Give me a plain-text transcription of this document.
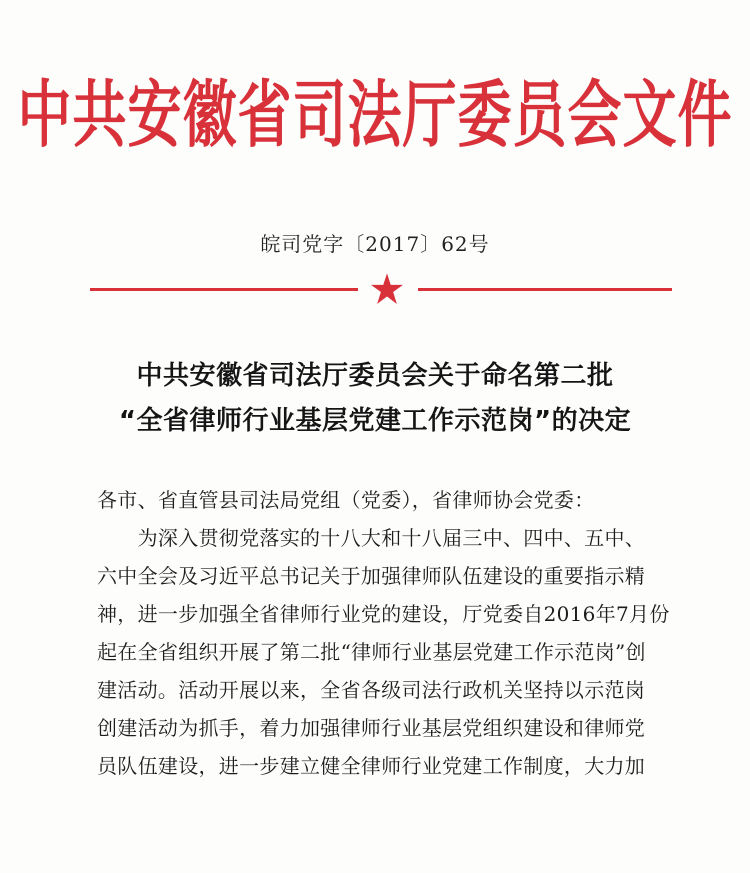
中共安徽省司法厅委员会文件
皖司党字〔2017〕62号
中共安徽省司法厅委员会关于命名第二批
“全省律师行业基层党建工作示范岗”的决定
各市、省直管县司法局党组（党委），省律师协会党委：
　　为深入贯彻党落实的十八大和十八届三中、四中、五中、
六中全会及习近平总书记关于加强律师队伍建设的重要指示精
神，进一步加强全省律师行业党的建设，厅党委自2016年7月份
起在全省组织开展了第二批“律师行业基层党建工作示范岗”创
建活动。活动开展以来，全省各级司法行政机关坚持以示范岗
创建活动为抓手，着力加强律师行业基层党组织建设和律师党
员队伍建设，进一步建立健全律师行业党建工作制度，大力加
